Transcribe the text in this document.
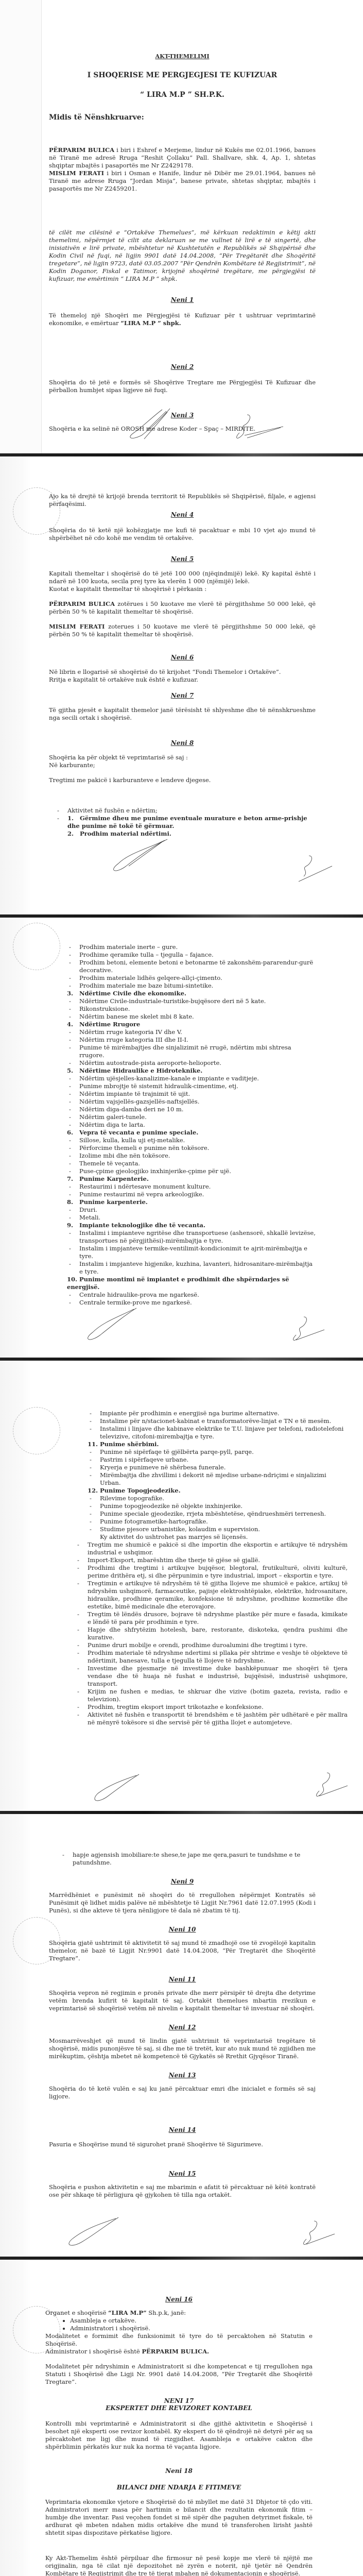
AKT-THEMELIMI
I SHOQERISE ME PERGJEGJESI TE KUFIZUAR
“ LIRA M.P ” SH.P.K.
Midis të Nënshkruarve:

PËRPARIM BULICA i biri i Eshref e Merjeme, lindur në Kukës me 02.01.1966, banues në Tiranë me adresë Rruga “Reshit Çollaku” Pall. Shallvare, shk. 4, Ap. 1, shtetas shqiptar mbajtës i pasaportës me Nr Z2429178.

MISLIM FERATI i biri i Osman e Hanife, lindur në Dibër me 29.01.1964, banues në Tiranë me adrese Rruga “Jordan Misja”, banese private, shtetas shqiptar, mbajtës i pasaportës me Nr Z2459201.

të cilët me cilësinë e “Ortakëve Themelues”, më kërkuan redaktimin e këtij akti themelimi, nëpërmjet të cilit ata deklaruan se me vullnet të lirë e të singertë, dhe inisiativën e lirë private, mbështetur në Kushtetutën e Republikës së Shqipërisë dhe Kodin Civil në fuqi, në ligjin 9901 datë 14.04.2008, “Për Tregëtarët dhe Shoqëritë tregetare”, në ligjin 9723, datë 03.05.2007 “Për Qendrën Kombëtare të Regjistrimit”, në Kodin Doganor, Fiskal e Tatimor, krijojnë shoqërinë tregëtare, me përgjegjësi të kufizuar, me emërtimin “ LIRA M.P “ shpk.

Neni 1

Të themeloj një Shoqëri me Përgjegjësi të Kufizuar për t ushtruar veprimtarinë ekonomike, e emërtuar “LIRA M.P ” shpk.

Neni 2

Shoqëria do të jetë e formës së Shoqërive Tregtare me Përgjegjësi Të Kufizuar dhe përballon humbjet sipas ligjeve në fuqi.

Neni 3

Shoqëria e ka selinë në OROSH me adrese Koder – Spaç – MIRDITE.

Ajo ka të drejtë të krijojë brenda territorit të Republikës së Shqipërisë, filjale, e agjensi përfaqësimi.

Neni 4

Shoqëria do të ketë një kohëzgjatje me kufi të pacaktuar e mbi 10 vjet ajo mund të shpërbëhet në cdo kohë me vendim të ortakëve.

Neni 5

Kapitali themeltar i shoqërisë do të jetë 100 000 (njëqindmijë) lekë. Ky kapital është i ndarë në 100 kuota, secila prej tyre ka vlerën 1 000 (njëmijë) lekë.

Kuotat e kapitalit themeltar të shoqërisë i përkasin :

PËRPARIM BULICA zotërues i 50 kuotave me vlerë të përgjithshme 50 000 lekë, që përbën 50 % të kapitalit themeltar të shoqërisë.

MISLIM FERATI zoterues i 50 kuotave me vlerë të përgjithshme 50 000 lekë, që përbën 50 % të kapitalit themeltar të shoqërisë.

Neni 6

Në librin e llogarisë së shoqërisë do të krijohet “Fondi Themelor i Ortakëve”.

Rritja e kapitalit të ortakëve nuk është e kufizuar.

Neni 7

Të gjitha pjesët e kapitalit themelor janë tërësisht të shlyeshme dhe të nënshkrueshme nga secili ortak i shoqërisë.

Neni 8

Shoqëria ka për objekt të veprimtarisë së saj :

Në karburante;

Tregtimi me pakicë i karburanteve e lendeve djegese.

- Aktivitet në fushën e ndërtim;
1. Gërmime dheu me punime eventuale murature e beton arme-prishje dhe punime në tokë të gërmuar.
2. Prodhim material ndërtimi.
- Prodhim materiale inerte – gure.
- Prodhime qeramike tulla – tjegulla – fajance.
- Prodhim betoni, elemente betoni e betonarme të zakonshëm-pararendur-gurë decorative.
- Prodhim materiale lidhës gelqere-allçi-çimento.
- Prodhim materiale me baze bitumi-sintetike.
3. Ndërtime Civile dhe ekonomike.
- Ndërtime Civile-industriale-turistike-bujqësore deri në 5 kate.
- Rikonstruksione.
- Ndërtim banese me skelet mbi 8 kate.
4. Ndërtime Rrugore
- Ndërtim rruge kategoria IV dhe V.
- Ndërtim rruge kategoria III dhe II-I.
- Punime të mirëmbajtjes dhe sinjalizimit në rrugë, ndërtim mbi shtresa rrugore.
- Ndërtim autostrade-pista aeroporte-helioporte.
5. Ndërtime Hidraulike e Hidroteknike.
- Ndërtim ujësjelles-kanalizime-kanale e impiante e vaditjeje.
- Punime mbrojtje të sistemit hidraulik-cimentime, etj.
- Ndërtim impiante të trajnimit të ujit.
- Ndërtim vajsjellës-gazsjellës-naftsjellës.
- Ndërtim diga-damba deri ne 10 m.
- Ndërtim galeri-tunele.
- Ndërtim diga te larta.
6. Vepra të vecanta e punime speciale.
- Sillose, kulla, kulla uji etj-metalike.
- Përforcime themeli e punime nën tokësore.
- Izolime mbi dhe nën tokësore.
- Themele të veçanta.
- Puse-çpime gjeologjiko inxhinjerike-çpime për ujë.
7. Punime Karpenterie.
- Restaurimi i ndërtesave monument kulture.
- Punime restaurimi në vepra arkeologjike.
8. Punime karpenterie.
- Druri.
- Metali.
9. Impiante teknologjike dhe të vecanta.
- Instalimi i impianteve ngritëse dhe transportuese (ashensorë, shkallë levizëse, transportues në përgjithësi)-mirëmbajtja e tyre.
- Instalim i impjanteve termike-ventilimit-kondicionimit te ajrit-mirëmbajtja e tyre.
- Instalim i impjanteve higjenike, kuzhina, lavanteri, hidrosanitare-mirëmbajtja e tyre.
10. Punime montimi në impiantet e prodhimit dhe shpërndarjes së energjisë.
- Centrale hidraulike-prova me ngarkesë.
- Centrale termike-prove me ngarkesë.
- Impiante për prodhimin e energjisë nga burime alternative.
- Instalime për n/stacionet-kabinat e transformatorëve-linjat e TN e të mesëm.
- Instalimi i linjave dhe kabinave elektrike te T.U. linjave per telefoni, radiotelefoni televizive, citofoni-mirembajtja e tyre.
11. Punime shërbimi.
- Punime në sipërfaqe të gjëlbërta parqe-pyll, parqe.
- Pastrim i sipërfaqeve urbane.
- Kryerja e punimeve në shërbesa funerale.
- Mirëmbajtja dhe zhvillimi i dekorit në mjedise urbane-ndriçimi e sinjalizimi Urban.
12. Punime Topogjeodezike.
- Rilevime topografike.
- Punime topogjeodezike në objekte inxhinjerike.
- Punime speciale gjeodezike, rrjeta mbështetëse, qëndrueshmëri terrenesh.
- Punime fotogrametike-hartografike.
- Studime pjesore urbanistike, kolaudim e supervision.

Ky aktivitet do ushtrohet pas marrjes së liçensës.

- Tregtim me shumicë e pakicë si dhe importin dhe eksportin e artikujve të ndryshëm industrial e ushqimor.
- Import-Eksport, mbarështim dhe therje të gjëse së gjallë.
- Prodhimi dhe tregtimi i artikujve bujqësor, blegtoral, frutikulturë, oliviti kulturë, perime drithëra etj, si dhe përpunimin e tyre industrial, import – eksportin e tyre.
- Tregtimin e artikujve të ndryshëm të të gjitha llojeve me shumicë e pakice, artikuj të ndryshëm ushqimorë, farmaceutike, pajisje elektroshtëpiake, elektrike, hidrosanitare, hidraulike, prodhime qeramike, konfeksione të ndryshme, prodhime kozmetike dhe estetike, bimë medicinale dhe eterovajore.
- Tregtim të lëndës drusore, bojrave të ndryshme plastike për mure e fasada, kimikate e lëndë të para për prodhimin e tyre.
- Hapje dhe shfrytëzim hotelesh, bare, restorante, diskoteka, qendra pushimi dhe kurative.
- Punime druri mobilje e orendi, prodhime duroalumini dhe tregtimi i tyre.
- Prodhim materiale të ndryshme ndertimi si pllaka për shtrime e veshje të objekteve të ndërtimit, banesave, tulla e tjegulla të llojeve të ndryshme.
- Investime dhe pjesmarje në investime duke bashkëpunuar me shoqëri të tjera vendase dhe të huaja në fushat e industrisë, bujqësisë, industrisë ushqimore, transport.
- Krijim ne fushen e medias, te shkruar dhe vizive (botim gazeta, revista, radio e televizion).
- Prodhim, tregtim eksport import trikotazhe e konfeksione.
- Aktivitet në fushën e transportit të brendshëm e të jashtëm për udhëtarë e për mallra në mënyrë tokësore si dhe servisë për të gjitha llojet e automjeteve.
- hapje agjensish imobiliare:te shese,te jape me qera,pasuri te tundshme e te patundshme.
Neni 9

Marrëdhëniet e punësimit në shoqëri do të rregullohen nëpërmjet Kontratës së Punësimit që lidhet midis palëve në mbështetje të Ligjit Nr.7961 datë 12.07.1995 (Kodi i Punës), si dhe akteve të tjera nënligjore të dala në zbatim të tij.

Neni 10

Shoqëria gjatë ushtrimit të aktivitetit të saj mund të zmadhojë ose të zvogëlojë kapitalin themelor, në bazë të Ligjit Nr.9901 datë 14.04.2008, “Për Tregtarët dhe Shoqëritë Tregtare”.

Neni 11

Shoqëria vepron në regjimin e pronës private dhe merr përsipër të drejta dhe detyrime vetëm brenda kufirit të kapitalit të saj. Ortakët themelues mbartin rrezikun e veprimtarisë së shoqërisë vetëm në nivelin e kapitalit themeltar të investuar në shoqëri.

Neni 12

Mosmarrëveshjet që mund të lindin gjatë ushtrimit të veprimtarisë tregëtare të shoqërisë, midis punonjësve të saj, si dhe me të tretët, kur ato nuk mund të zgjidhen me mirëkuptim, çështja mbetet në kompetencë të Gjykatës së Rrethit Gjyqësor Tiranë.

Neni 13

Shoqëria do të ketë vulën e saj ku janë përcaktuar emri dhe inicialet e formës së saj ligjore.

Neni 14

Pasuria e Shoqërise mund të sigurohet pranë Shoqërive të Sigurimeve.

Neni 15

Shoqëria e pushon aktivitetin e saj me mbarimin e afatit të përcaktuar në këtë kontratë ose për shkaqe të përligjura që gjykohen të tilla nga ortakët.

Neni 16

Organet e shoqërisë “LIRA M.P” Sh.p.k, janë:

• Asambleja e ortakëve.
• Administratori i shoqërisë.

Modalitetet e formimit dhe funksionimit të tyre do të percaktohen në Statutin e Shoqërisë.

Administrator i shoqërisë është PËRPARIM BULICA.

Modalitetet për ndryshimin e Administratorit si dhe kompetencat e tij rregullohen nga Statuti i Shoqërisë dhe Ligji Nr. 9901 datë 14.04.2008, “Për Tregtarët dhe Shoqëritë Tregtare”.

NENI 17
EKSPERTET DHE REVIZORET KONTABEL

Kontrolli mbi veprimtarinë e Administratorit si dhe gjithë aktivitetin e Shoqërisë i besohet një eksperti ose revizor kontabël. Ky ekspert do të qëndrojë në detyrë për aq sa përcaktohet me ligj dhe mund të rizgjidhet. Asambleja e ortakëve cakton dhe shpërblimin përkatës kur nuk ka norma të vaçanta ligjore.

Neni 18
BILANCI DHE NDARJA E FITIMEVE

Veprimtaria ekonomike vjetore e Shoqërisë do të mbyllet me datë 31 Dhjetor të çdo viti. Administratori merr masa për hartimin e bilancit dhe rezultatin ekonomik fitim – humbje dhe inventar. Pasi veçohen fondet si më sipër dhe paguhen detyrimet fiskale, të ardhurat që mbeten ndahen midis ortakëve dhe mund të transferohen lirisht jashtë shtetit sipas dispozitave përkatëse ligjore.

Ky Akt-Themelim është përpiluar dhe firmosur në pesë kopje me vlerë të njëjtë me origjinalin, nga të cilat një depozitohet në zyrën e noterit, një tjetër në Qendrën Kombëtare të Regjistrimit dhe tre të tjerat mbahen në dokumentacionin e shoqërisë.
